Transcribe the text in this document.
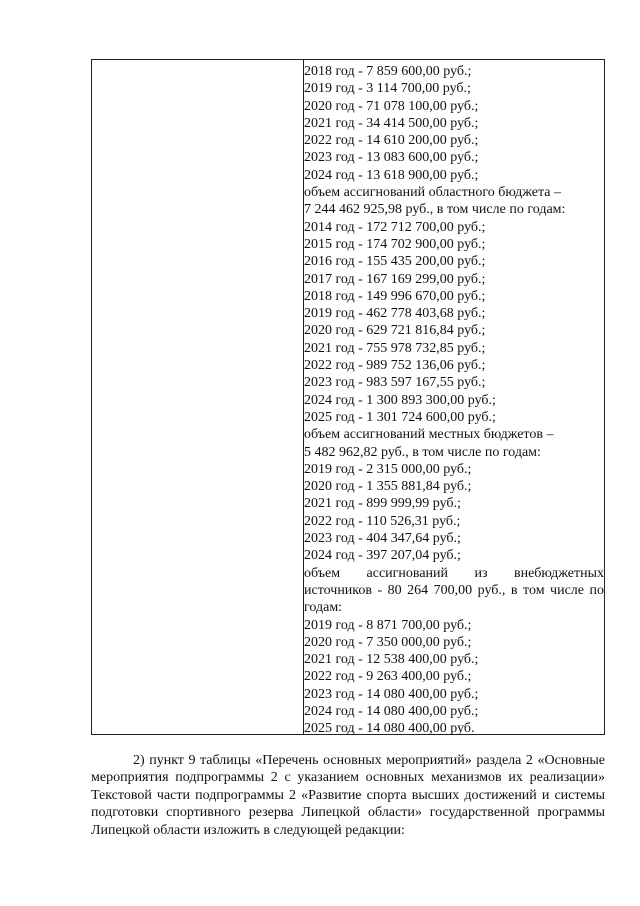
2018 год - 7 859 600,00 руб.;
2019 год - 3 114 700,00 руб.;
2020 год - 71 078 100,00 руб.;
2021 год - 34 414 500,00 руб.;
2022 год - 14 610 200,00 руб.;
2023 год - 13 083 600,00 руб.;
2024 год - 13 618 900,00 руб.;
объем ассигнований областного бюджета –
7 244 462 925,98 руб., в том числе по годам:
2014 год - 172 712 700,00 руб.;
2015 год - 174 702 900,00 руб.;
2016 год - 155 435 200,00 руб.;
2017 год - 167 169 299,00 руб.;
2018 год - 149 996 670,00 руб.;
2019 год - 462 778 403,68 руб.;
2020 год - 629 721 816,84 руб.;
2021 год - 755 978 732,85 руб.;
2022 год - 989 752 136,06 руб.;
2023 год - 983 597 167,55 руб.;
2024 год - 1 300 893 300,00 руб.;
2025 год - 1 301 724 600,00 руб.;
объем ассигнований местных бюджетов –
5 482 962,82 руб., в том числе по годам:
2019 год - 2 315 000,00 руб.;
2020 год - 1 355 881,84 руб.;
2021 год - 899 999,99 руб.;
2022 год - 110 526,31 руб.;
2023 год - 404 347,64 руб.;
2024 год - 397 207,04 руб.;
объем ассигнований из внебюджетных источников - 80 264 700,00 руб., в том числе по годам:
2019 год - 8 871 700,00 руб.;
2020 год - 7 350 000,00 руб.;
2021 год - 12 538 400,00 руб.;
2022 год - 9 263 400,00 руб.;
2023 год - 14 080 400,00 руб.;
2024 год - 14 080 400,00 руб.;
2025 год - 14 080 400,00 руб.

2) пункт 9 таблицы «Перечень основных мероприятий» раздела 2 «Основные мероприятия подпрограммы 2 с указанием основных механизмов их реализации» Текстовой части подпрограммы 2 «Развитие спорта высших достижений и системы подготовки спортивного резерва Липецкой области» государственной программы Липецкой области изложить в следующей редакции:
